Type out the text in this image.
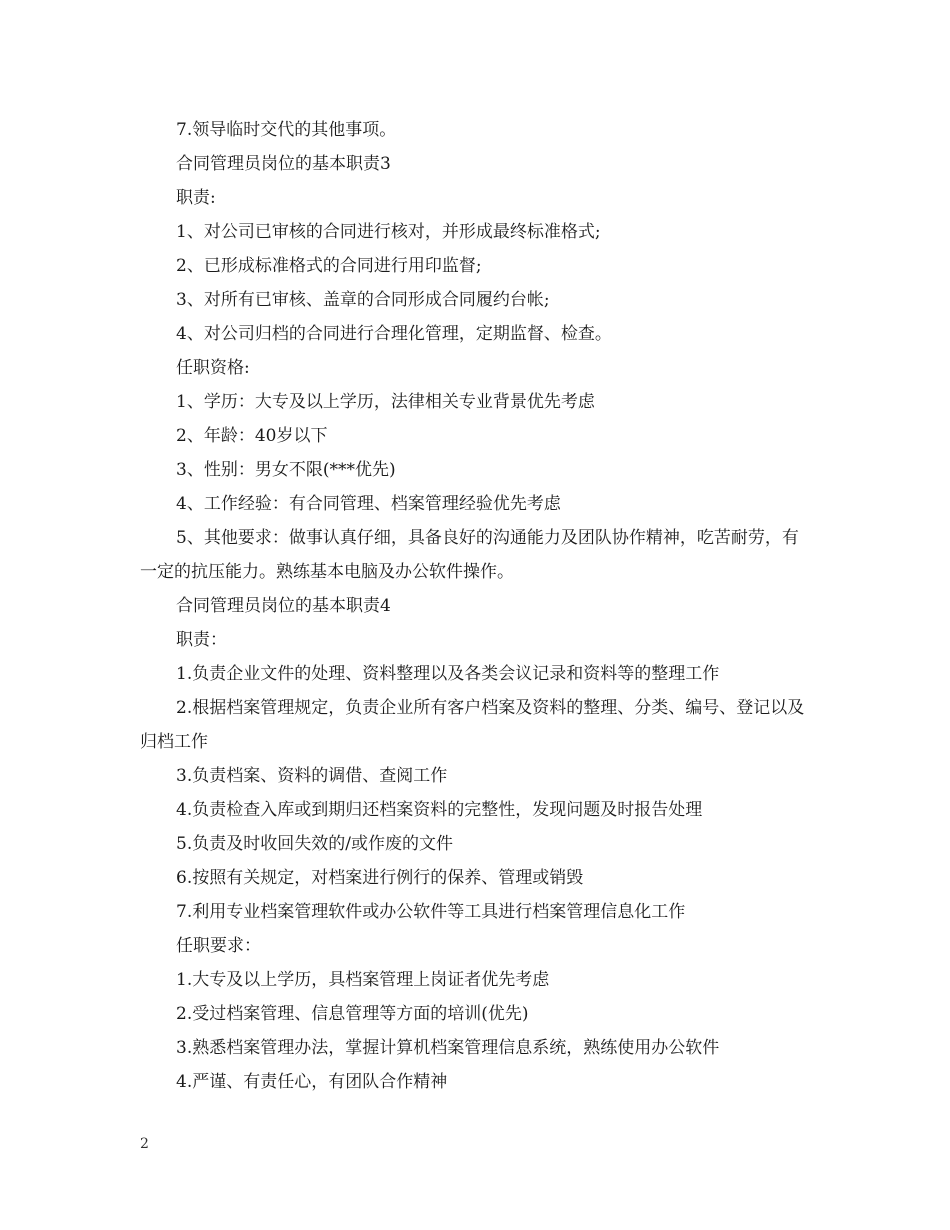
7.领导临时交代的其他事项。

合同管理员岗位的基本职责3

职责:

1、对公司已审核的合同进行核对，并形成最终标准格式;

2、已形成标准格式的合同进行用印监督;

3、对所有已审核、盖章的合同形成合同履约台帐;

4、对公司归档的合同进行合理化管理，定期监督、检查。

任职资格:

1、学历：大专及以上学历，法律相关专业背景优先考虑

2、年龄：40岁以下

3、性别：男女不限(***优先)

4、工作经验：有合同管理、档案管理经验优先考虑

5、其他要求：做事认真仔细，具备良好的沟通能力及团队协作精神，吃苦耐劳，有一定的抗压能力。熟练基本电脑及办公软件操作。

合同管理员岗位的基本职责4

职责：

1.负责企业文件的处理、资料整理以及各类会议记录和资料等的整理工作

2.根据档案管理规定，负责企业所有客户档案及资料的整理、分类、编号、登记以及归档工作

3.负责档案、资料的调借、查阅工作

4.负责检查入库或到期归还档案资料的完整性，发现问题及时报告处理

5.负责及时收回失效的/或作废的文件

6.按照有关规定，对档案进行例行的保养、管理或销毁

7.利用专业档案管理软件或办公软件等工具进行档案管理信息化工作

任职要求：

1.大专及以上学历，具档案管理上岗证者优先考虑

2.受过档案管理、信息管理等方面的培训(优先)

3.熟悉档案管理办法，掌握计算机档案管理信息系统，熟练使用办公软件

4.严谨、有责任心，有团队合作精神

2
